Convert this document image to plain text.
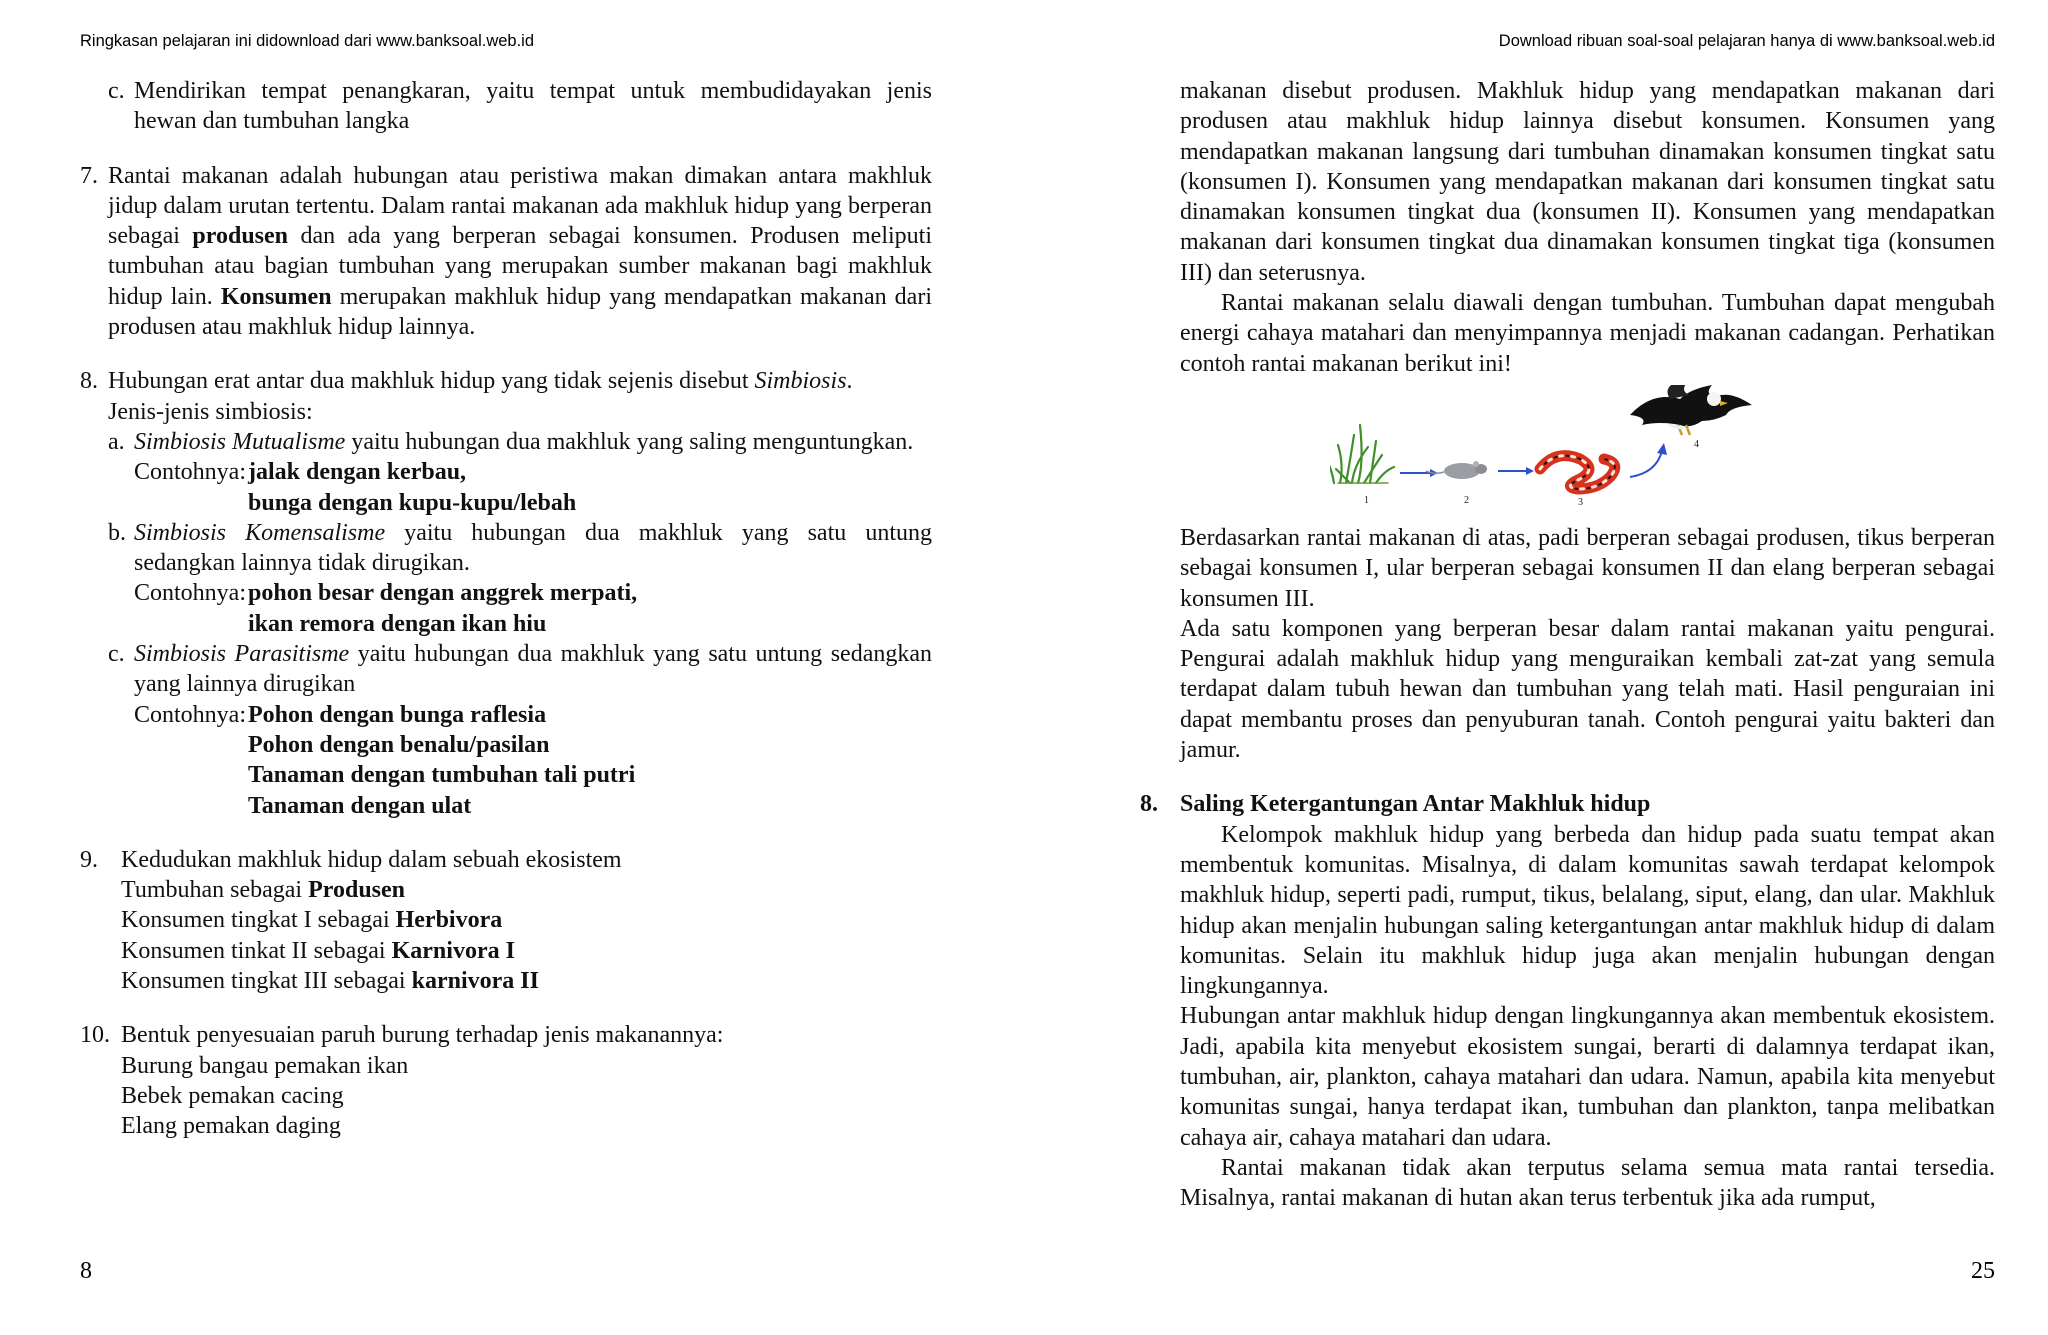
Ringkasan pelajaran ini didownload dari www.banksoal.web.id
c. Mendirikan tempat penangkaran, yaitu tempat untuk membudidayakan jenis hewan dan tumbuhan langka
7. Rantai makanan adalah hubungan atau peristiwa makan dimakan antara makhluk jidup dalam urutan tertentu. Dalam rantai makanan ada makhluk hidup yang berperan sebagai produsen dan ada yang berperan sebagai konsumen. Produsen meliputi tumbuhan atau bagian tumbuhan yang merupakan sumber makanan bagi makhluk hidup lain. Konsumen merupakan makhluk hidup yang mendapatkan makanan dari produsen atau makhluk hidup lainnya.
8. Hubungan erat antar dua makhluk hidup yang tidak sejenis disebut Simbiosis.
Jenis-jenis simbiosis:
a. Simbiosis Mutualisme yaitu hubungan dua makhluk yang saling menguntungkan.
Contohnya: jalak dengan kerbau,
bunga dengan kupu-kupu/lebah
b. Simbiosis Komensalisme yaitu hubungan dua makhluk yang satu untung sedangkan lainnya tidak dirugikan.
Contohnya: pohon besar dengan anggrek merpati,
ikan remora dengan ikan hiu
c. Simbiosis Parasitisme yaitu hubungan dua makhluk yang satu untung sedangkan yang lainnya dirugikan
Contohnya: Pohon dengan bunga raflesia
Pohon dengan benalu/pasilan
Tanaman dengan tumbuhan tali putri
Tanaman dengan ulat
9. Kedudukan makhluk hidup dalam sebuah ekosistem
Tumbuhan sebagai Produsen
Konsumen tingkat I sebagai Herbivora
Konsumen tinkat II sebagai Karnivora I
Konsumen tingkat III sebagai karnivora II
10. Bentuk penyesuaian paruh burung terhadap jenis makanannya:
Burung bangau pemakan ikan
Bebek pemakan cacing
Elang pemakan daging
8
Download ribuan soal-soal pelajaran hanya di www.banksoal.web.id
makanan disebut produsen. Makhluk hidup yang mendapatkan makanan dari produsen atau makhluk hidup lainnya disebut konsumen. Konsumen yang mendapatkan makanan langsung dari tumbuhan dinamakan konsumen tingkat satu (konsumen I). Konsumen yang mendapatkan makanan dari konsumen tingkat satu dinamakan konsumen tingkat dua (konsumen II). Konsumen yang mendapatkan makanan dari konsumen tingkat dua dinamakan konsumen tingkat tiga (konsumen III) dan seterusnya.
Rantai makanan selalu diawali dengan tumbuhan. Tumbuhan dapat mengubah energi cahaya matahari dan menyimpannya menjadi makanan cadangan. Perhatikan contoh rantai makanan berikut ini!
1	2	3
4
Berdasarkan rantai makanan di atas, padi berperan sebagai produsen, tikus berperan sebagai konsumen I, ular berperan sebagai konsumen II dan elang berperan sebagai konsumen III.
Ada satu komponen yang berperan besar dalam rantai makanan yaitu pengurai. Pengurai adalah makhluk hidup yang menguraikan kembali zat-zat yang semula terdapat dalam tubuh hewan dan tumbuhan yang telah mati. Hasil penguraian ini dapat membantu proses dan penyuburan tanah. Contoh pengurai yaitu bakteri dan jamur.
8. Saling Ketergantungan Antar Makhluk hidup
Kelompok makhluk hidup yang berbeda dan hidup pada suatu tempat akan membentuk komunitas. Misalnya, di dalam komunitas sawah terdapat kelompok makhluk hidup, seperti padi, rumput, tikus, belalang, siput, elang, dan ular. Makhluk hidup akan menjalin hubungan saling ketergantungan antar makhluk hidup di dalam komunitas. Selain itu makhluk hidup juga akan menjalin hubungan dengan lingkungannya.
Hubungan antar makhluk hidup dengan lingkungannya akan membentuk ekosistem. Jadi, apabila kita menyebut ekosistem sungai, berarti di dalamnya terdapat ikan, tumbuhan, air, plankton, cahaya matahari dan udara. Namun, apabila kita menyebut komunitas sungai, hanya terdapat ikan, tumbuhan dan plankton, tanpa melibatkan cahaya air, cahaya matahari dan udara.
Rantai makanan tidak akan terputus selama semua mata rantai tersedia. Misalnya, rantai makanan di hutan akan terus terbentuk jika ada rumput,
25
